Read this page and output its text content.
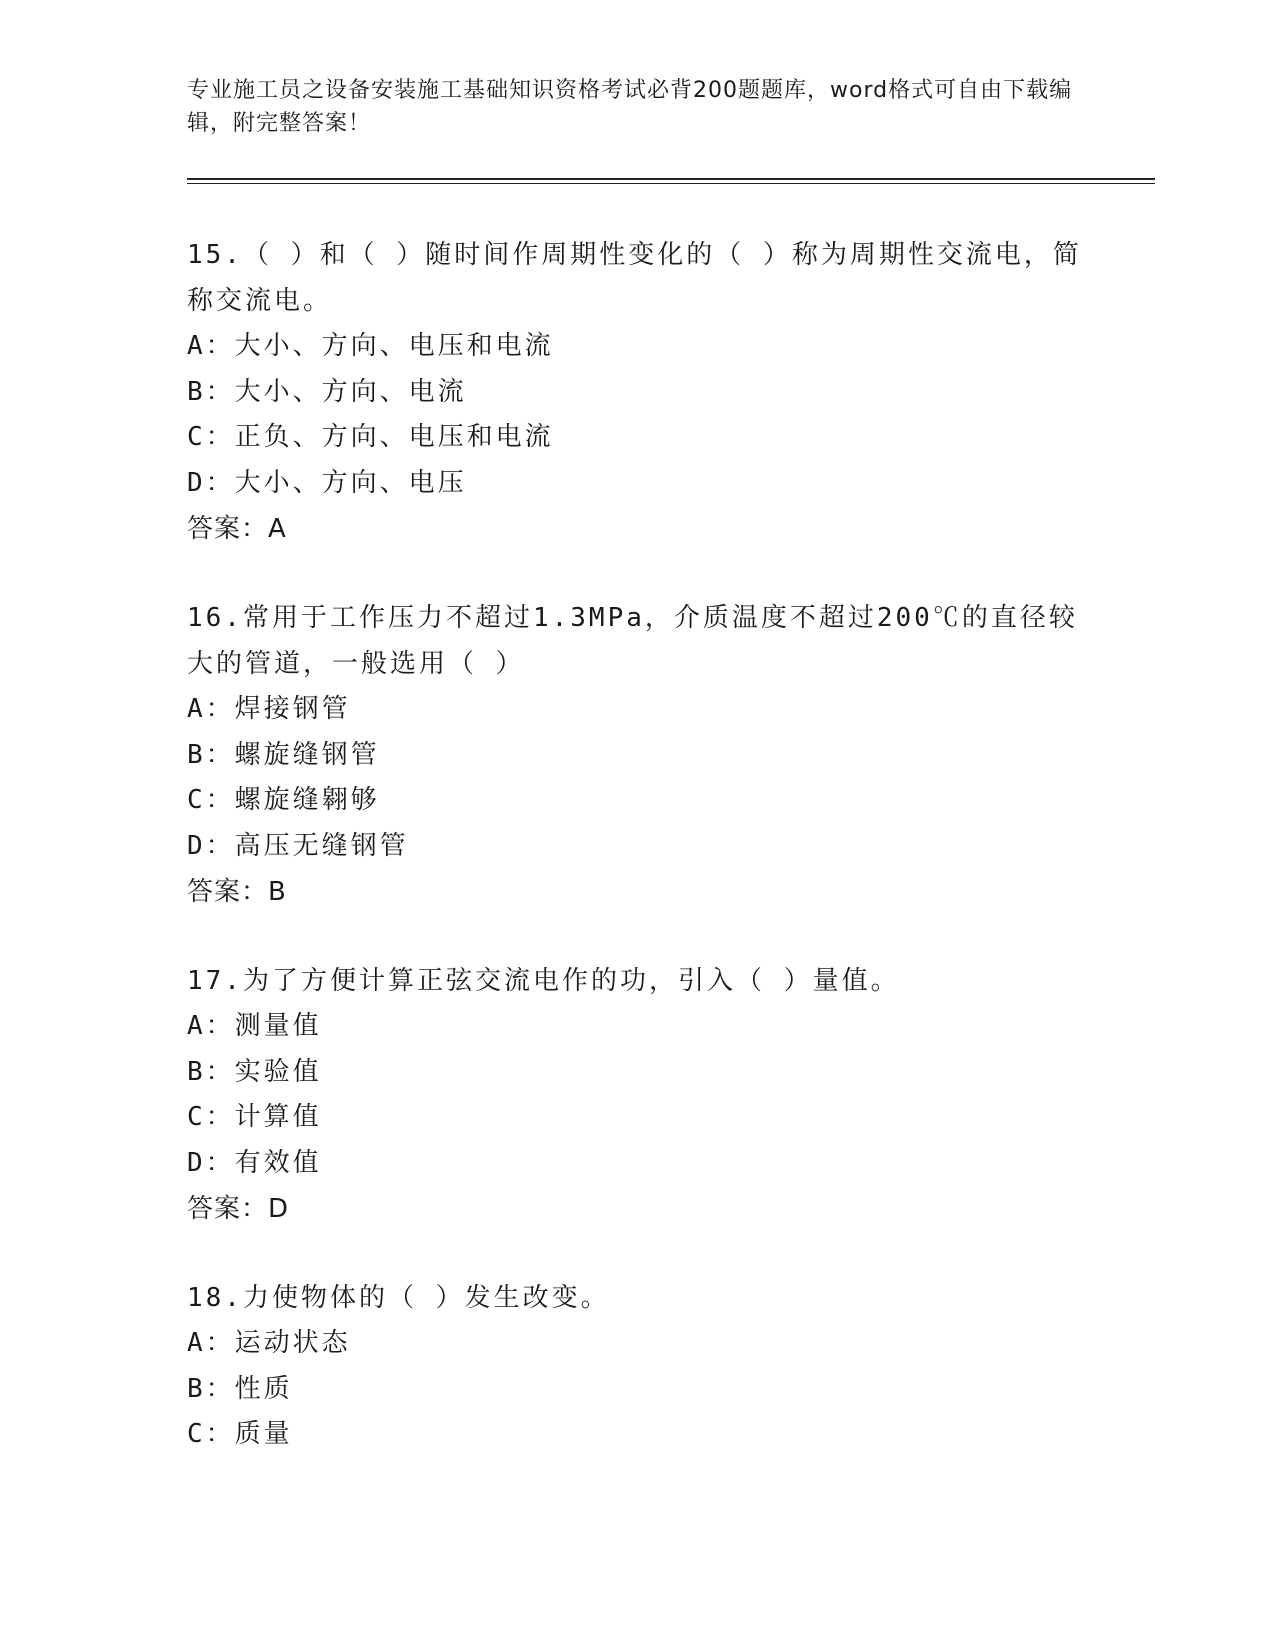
专业施工员之设备安装施工基础知识资格考试必背200题题库，word格式可自由下载编辑，附完整答案！

15.（ ）和（ ）随时间作周期性变化的（ ）称为周期性交流电，简称交流电。

A：大小、方向、电压和电流

B：大小、方向、电流

C：正负、方向、电压和电流

D：大小、方向、电压

答案：A

16.常用于工作压力不超过1.3MPa，介质温度不超过200℃的直径较大的管道，一般选用（ ）

A：焊接钢管

B：螺旋缝钢管

C：螺旋缝翱够

D：高压无缝钢管

答案：B

17.为了方便计算正弦交流电作的功，引入（ ）量值。

A：测量值

B：实验值

C：计算值

D：有效值

答案：D

18.力使物体的（ ）发生改变。

A：运动状态

B：性质

C：质量
